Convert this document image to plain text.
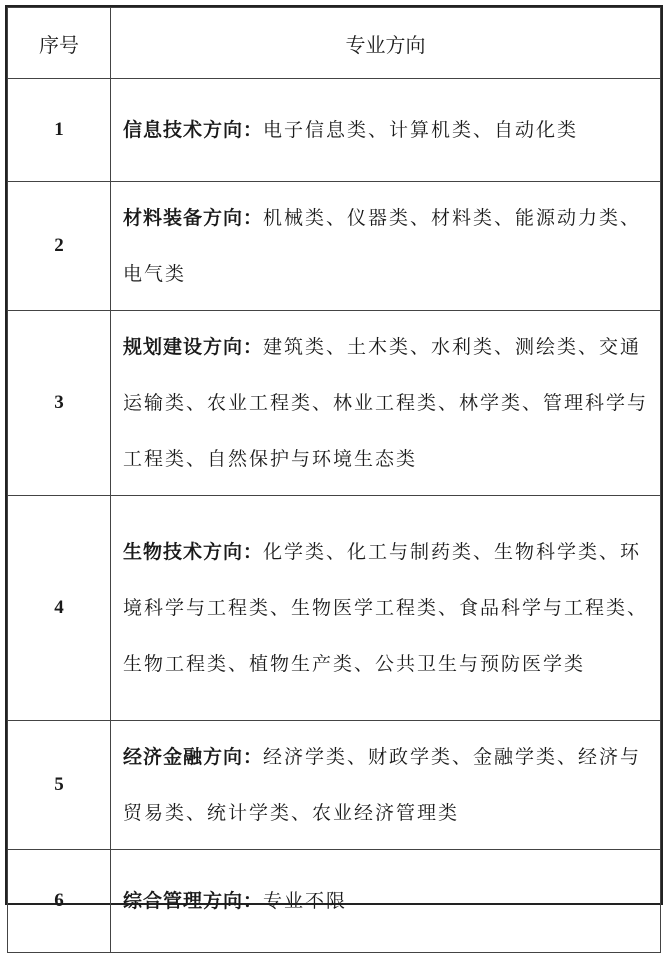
序号	专业方向
1	信息技术方向：电子信息类、计算机类、自动化类
2	材料装备方向：机械类、仪器类、材料类、能源动力类、电气类
3	规划建设方向：建筑类、土木类、水利类、测绘类、交通运输类、农业工程类、林业工程类、林学类、管理科学与工程类、自然保护与环境生态类
4	生物技术方向：化学类、化工与制药类、生物科学类、环境科学与工程类、生物医学工程类、食品科学与工程类、生物工程类、植物生产类、公共卫生与预防医学类
5	经济金融方向：经济学类、财政学类、金融学类、经济与贸易类、统计学类、农业经济管理类
6	综合管理方向：专业不限
